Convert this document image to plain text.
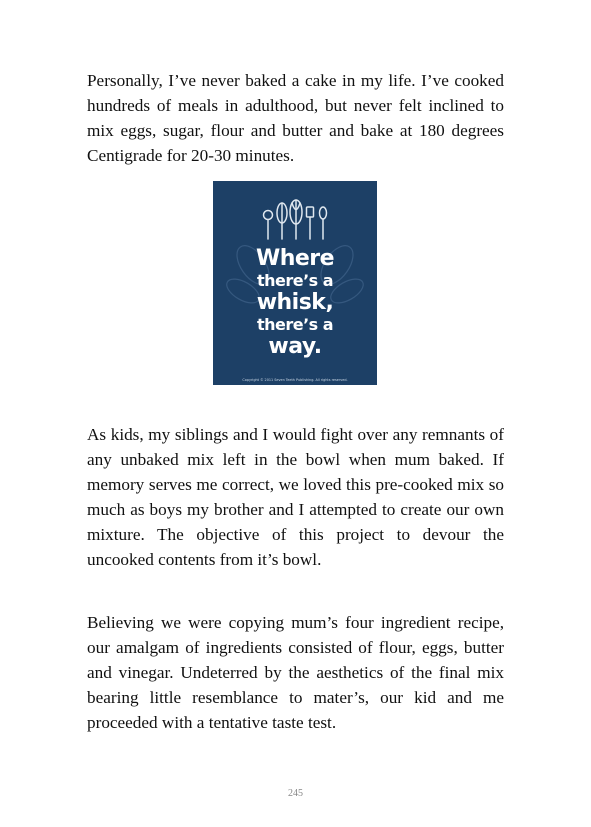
Personally, I’ve never baked a cake in my life. I’ve cooked hundreds of meals in adulthood, but never felt inclined to mix eggs, sugar, flour and butter and bake at 180 degrees Centigrade for 20-30 minutes.

Where
there’s a
whisk,
there’s a
way.
Copyright © 2011 Seven Teeth Publishing. All rights reserved.

As kids, my siblings and I would fight over any remnants of any unbaked mix left in the bowl when mum baked. If memory serves me correct, we loved this pre-cooked mix so much as boys my brother and I attempted to create our own mixture. The objective of this project to devour the uncooked contents from it’s bowl.

Believing we were copying mum’s four ingredient recipe, our amalgam of ingredients consisted of flour, eggs, butter and vinegar. Undeterred by the aesthetics of the final mix bearing little resemblance to mater’s, our kid and me proceeded with a tentative taste test.

245
